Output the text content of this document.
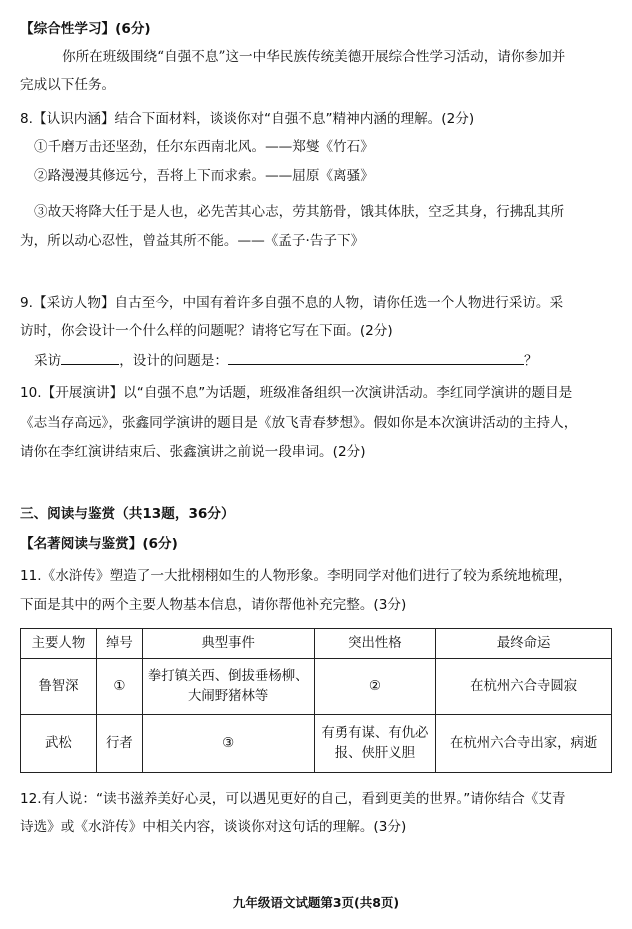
【综合性学习】(6分)
你所在班级围绕“自强不息”这一中华民族传统美德开展综合性学习活动，请你参加并
完成以下任务。
8.【认识内涵】结合下面材料，谈谈你对“自强不息”精神内涵的理解。(2分)
①千磨万击还坚劲，任尔东西南北风。——郑燮《竹石》
②路漫漫其修远兮，吾将上下而求索。——屈原《离骚》
③故天将降大任于是人也，必先苦其心志，劳其筋骨，饿其体肤，空乏其身，行拂乱其所
为，所以动心忍性，曾益其所不能。——《孟子·告子下》
9.【采访人物】自古至今，中国有着许多自强不息的人物，请你任选一个人物进行采访。采
访时，你会设计一个什么样的问题呢？请将它写在下面。(2分)
采访	，设计的问题是：	？
10.【开展演讲】以“自强不息”为话题，班级准备组织一次演讲活动。李红同学演讲的题目是
《志当存高远》，张鑫同学演讲的题目是《放飞青春梦想》。假如你是本次演讲活动的主持人，
请你在李红演讲结束后、张鑫演讲之前说一段串词。(2分)
三、阅读与鉴赏（共13题，36分）
【名著阅读与鉴赏】(6分)
11.《水浒传》塑造了一大批栩栩如生的人物形象。李明同学对他们进行了较为系统地梳理，
下面是其中的两个主要人物基本信息，请你帮他补充完整。(3分)
主要人物	绰号	典型事件	突出性格	最终命运
鲁智深	①	拳打镇关西、倒拔垂杨柳、大闹野猪林等	②	在杭州六合寺圆寂
武松	行者	③	有勇有谋、有仇必报、侠肝义胆	在杭州六合寺出家，病逝
12.有人说：“读书滋养美好心灵，可以遇见更好的自己，看到更美的世界。”请你结合《艾青
诗选》或《水浒传》中相关内容，谈谈你对这句话的理解。(3分)
九年级语文试题第3页(共8页)
